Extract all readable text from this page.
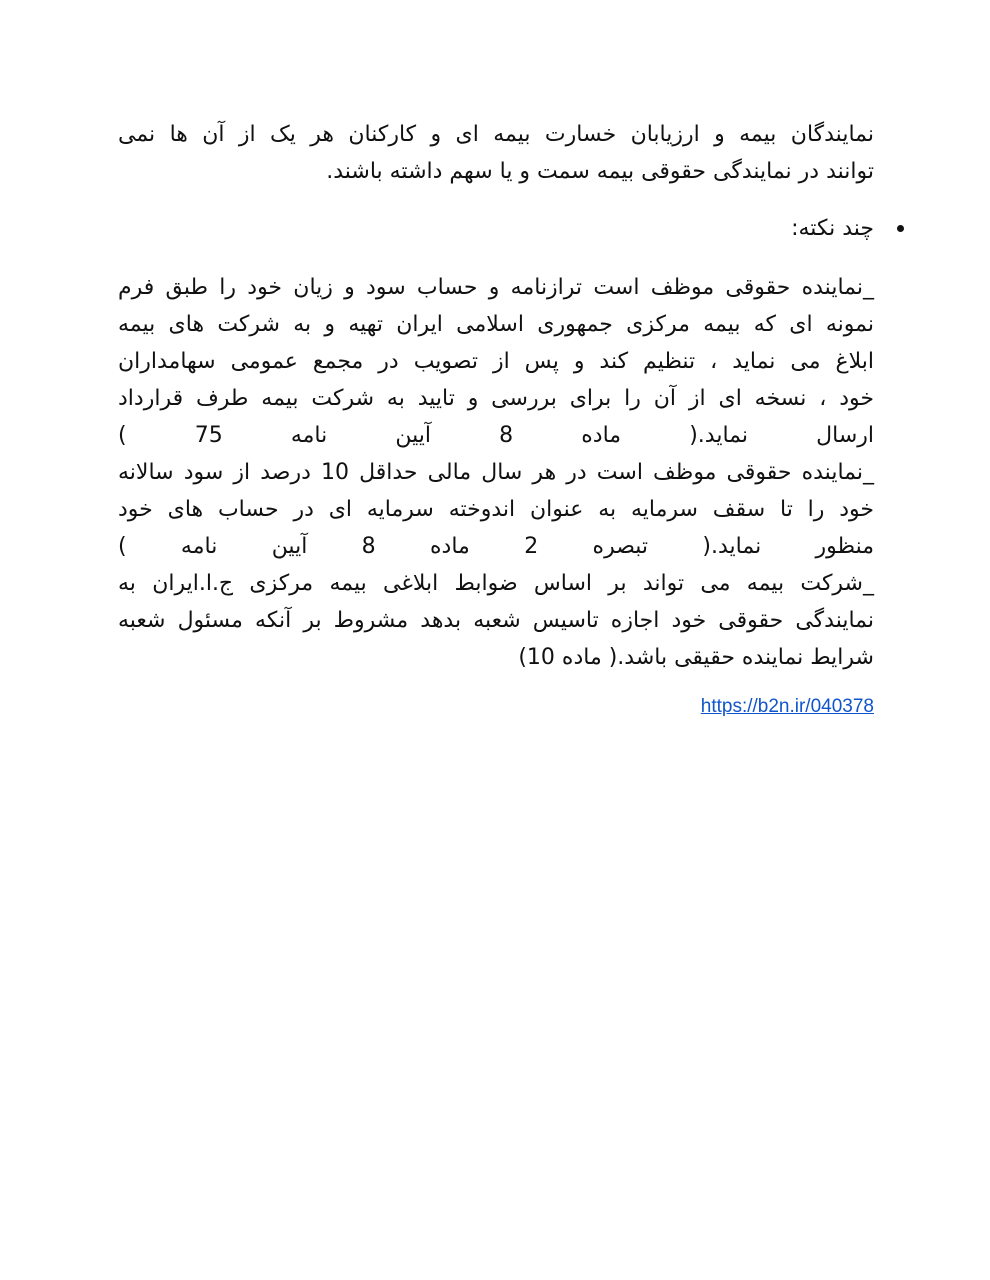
نمایندگان بیمه و ارزیابان خسارت بیمه ای و کارکنان هر یک از آن ها نمی
توانند در نمایندگی حقوقی بیمه سمت و یا سهم داشته باشند.

چند نکته:

_نماینده حقوقی موظف است ترازنامه و حساب سود و زیان خود را طبق فرم
نمونه ای که بیمه مرکزی جمهوری اسلامی ایران تهیه و به شرکت های بیمه
ابلاغ می نماید ، تنظیم کند و پس از تصویب در مجمع عمومی سهامداران
خود ، نسخه ای از آن را برای بررسی و تایید به شرکت بیمه طرف قرارداد
ارسال نماید.( ماده 8 آیین نامه 75 )
_نماینده حقوقی موظف است در هر سال مالی حداقل 10 درصد از سود سالانه
خود را تا سقف سرمایه به عنوان اندوخته سرمایه ای در حساب های خود
منظور نماید.( تبصره 2 ماده 8 آیین نامه )
_شرکت بیمه می تواند بر اساس ضوابط ابلاغی بیمه مرکزی ج.ا.ایران به
نمایندگی حقوقی خود اجازه تاسیس شعبه بدهد مشروط بر آنکه مسئول شعبه
شرایط نماینده حقیقی باشد.( ماده 10)

https://b2n.ir/040378
